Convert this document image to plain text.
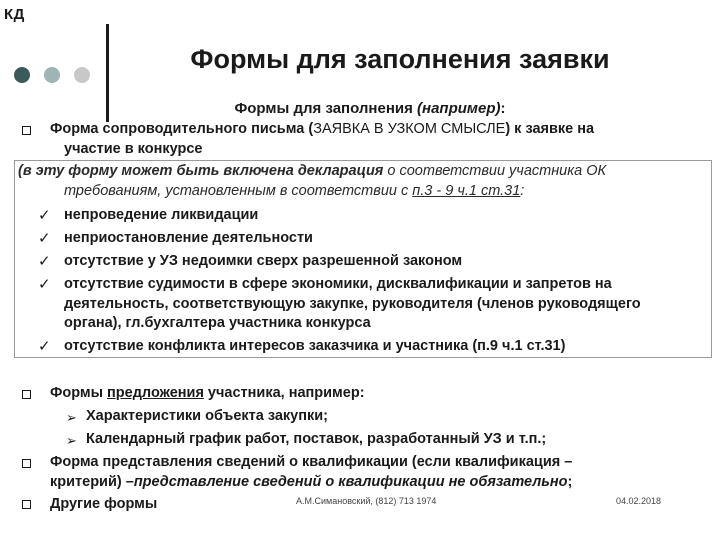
КД
Формы для заполнения заявки
Формы для заполнения (например):
Форма сопроводительного письма (ЗАЯВКА В УЗКОМ СМЫСЛЕ) к заявке на
участие в конкурсе
(в эту форму может быть включена декларация о соответствии участника ОК
требованиям, установленным в соответствии с п.3 - 9 ч.1 ст.31:
✓ непроведение ликвидации
✓ неприостановление деятельности
✓ отсутствие у УЗ недоимки сверх разрешенной законом
✓ отсутствие судимости в сфере экономики, дисквалификации и запретов на
деятельность, соответствующую закупке, руководителя (членов руководящего
органа), гл.бухгалтера участника конкурса
✓ отсутствие конфликта интересов заказчика и участника (п.9 ч.1 ст.31)
Формы предложения участника, например:
➢ Характеристики объекта закупки;
➢ Календарный график работ, поставок, разработанный УЗ и т.п.;
Форма представления сведений о квалификации (если квалификация –
критерий) –представление сведений о квалификации не обязательно;
Другие формы	А.М.Симановский, (812) 713 1974	04.02.2018
